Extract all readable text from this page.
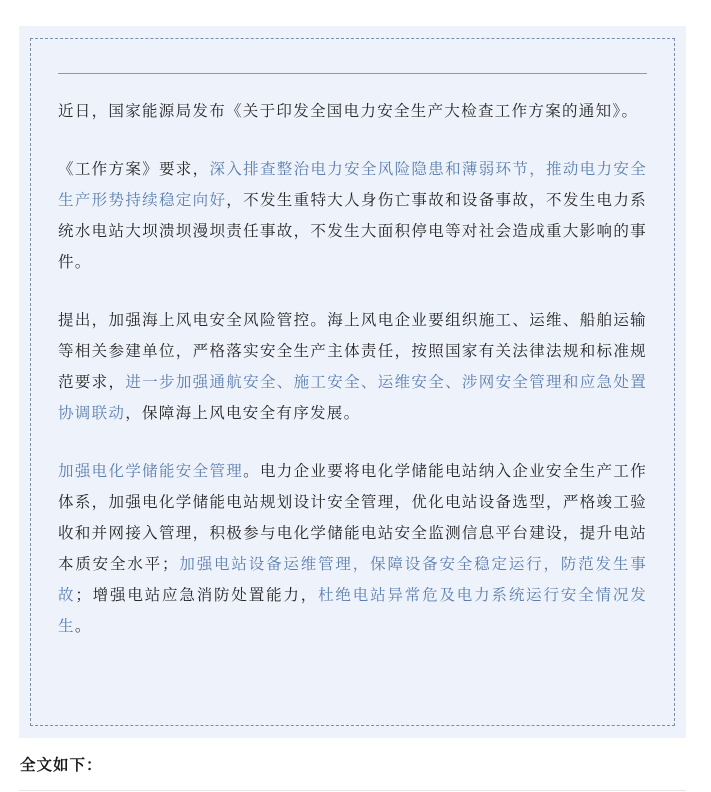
近日，国家能源局发布《关于印发全国电力安全生产大检查工作方案的通知》。

《工作方案》要求，深入排查整治电力安全风险隐患和薄弱环节，推动电力安全生产形势持续稳定向好，不发生重特大人身伤亡事故和设备事故，不发生电力系统水电站大坝溃坝漫坝责任事故，不发生大面积停电等对社会造成重大影响的事件。

提出，加强海上风电安全风险管控。海上风电企业要组织施工、运维、船舶运输等相关参建单位，严格落实安全生产主体责任，按照国家有关法律法规和标准规范要求，进一步加强通航安全、施工安全、运维安全、涉网安全管理和应急处置协调联动，保障海上风电安全有序发展。

加强电化学储能安全管理。电力企业要将电化学储能电站纳入企业安全生产工作体系，加强电化学储能电站规划设计安全管理，优化电站设备选型，严格竣工验收和并网接入管理，积极参与电化学储能电站安全监测信息平台建设，提升电站本质安全水平；加强电站设备运维管理，保障设备安全稳定运行，防范发生事故；增强电站应急消防处置能力，杜绝电站异常危及电力系统运行安全情况发生。

全文如下：
